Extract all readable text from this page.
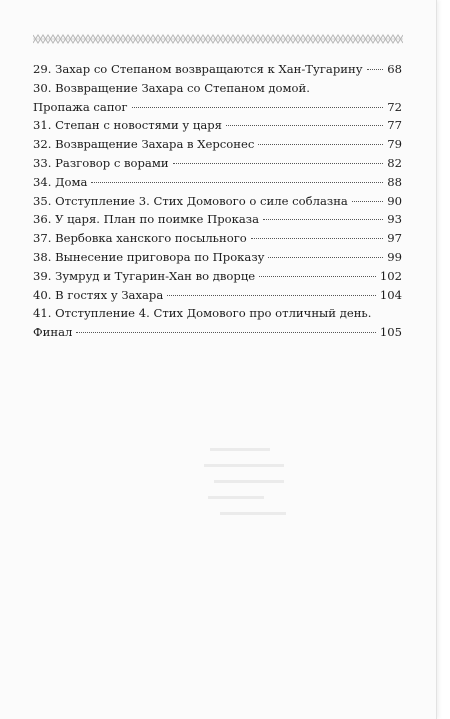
29. Захар со Степаном возвращаются к Хан-Тугарину 68
30. Возвращение Захара со Степаном домой.
Пропажа сапог	72
31. Степан с новостями у царя	77
32. Возвращение Захара в Херсонес	79
33. Разговор с ворами	82
34. Дома	88
35. Отступление 3. Стих Домового о силе соблазна	90
36. У царя. План по поимке Проказа	93
37. Вербовка ханского посыльного	97
38. Вынесение приговора по Проказу	99
39. Зумруд и Тугарин-Хан во дворце	102
40. В гостях у Захара	104
41. Отступление 4. Стих Домового про отличный день.
Финал	105
